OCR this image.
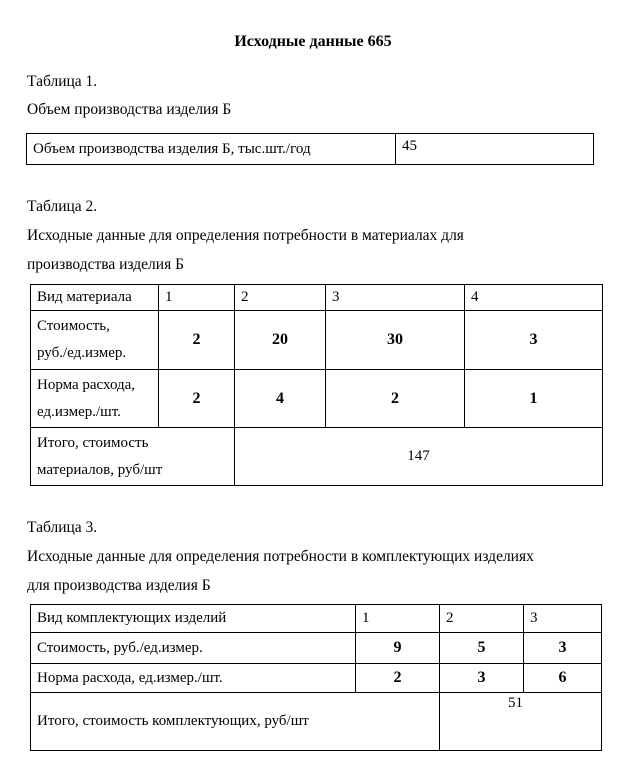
Исходные данные 665
Таблица 1.
Объем производства изделия Б
Объем производства изделия Б, тыс.шт./год	45
Таблица 2.
Исходные данные для определения потребности в материалах для
производства изделия Б
Вид материала	1	2	3	4

Стоимость,
руб./ед.измер.	2	20	30	3

Норма расхода,
ед.измер./шт.	2	4	2	1

Итого, стоимость
материалов, руб/шт		147		
Таблица 3.
Исходные данные для определения потребности в комплектующих изделиях
для производства изделия Б
Вид комплектующих изделий	1	2	3
Стоимость, руб./ед.измер.	9	5	3
Норма расхода, ед.измер./шт.	2	3	6
Итого, стоимость комплектующих, руб/шт		51	
